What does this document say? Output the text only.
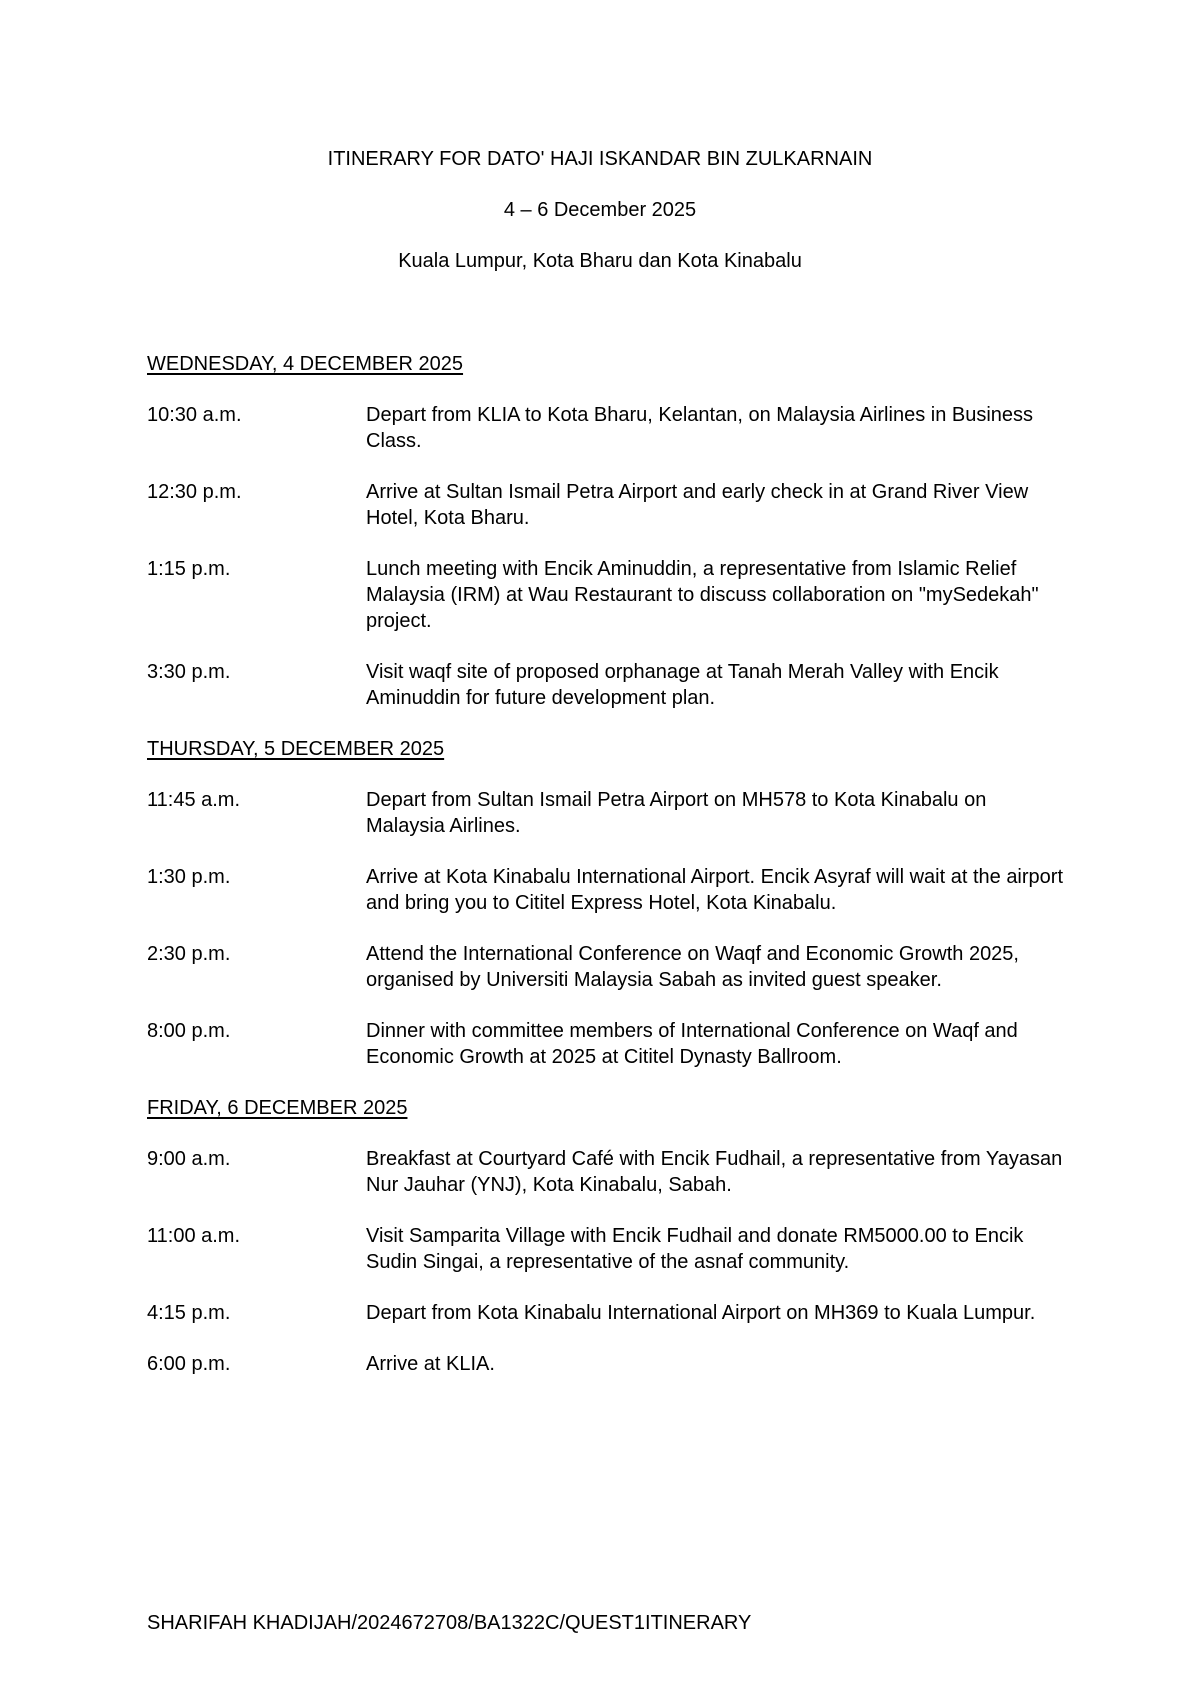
ITINERARY FOR DATO' HAJI ISKANDAR BIN ZULKARNAIN
4 – 6 December 2025
Kuala Lumpur, Kota Bharu dan Kota Kinabalu
WEDNESDAY, 4 DECEMBER 2025
10:30 a.m.	Depart from KLIA to Kota Bharu, Kelantan, on Malaysia Airlines in Business Class.
12:30 p.m.	Arrive at Sultan Ismail Petra Airport and early check in at Grand River View Hotel, Kota Bharu.
1:15 p.m.	Lunch meeting with Encik Aminuddin, a representative from Islamic Relief Malaysia (IRM) at Wau Restaurant to discuss collaboration on "mySedekah" project.
3:30 p.m.	Visit waqf site of proposed orphanage at Tanah Merah Valley with Encik Aminuddin for future development plan.
THURSDAY, 5 DECEMBER 2025
11:45 a.m.	Depart from Sultan Ismail Petra Airport on MH578 to Kota Kinabalu on Malaysia Airlines.
1:30 p.m.	Arrive at Kota Kinabalu International Airport. Encik Asyraf will wait at the airport and bring you to Cititel Express Hotel, Kota Kinabalu.
2:30 p.m.	Attend the International Conference on Waqf and Economic Growth 2025, organised by Universiti Malaysia Sabah as invited guest speaker.
8:00 p.m.	Dinner with committee members of International Conference on Waqf and Economic Growth at 2025 at Cititel Dynasty Ballroom.
FRIDAY, 6 DECEMBER 2025
9:00 a.m.	Breakfast at Courtyard Café with Encik Fudhail, a representative from Yayasan Nur Jauhar (YNJ), Kota Kinabalu, Sabah.
11:00 a.m.	Visit Samparita Village with Encik Fudhail and donate RM5000.00 to Encik Sudin Singai, a representative of the asnaf community.
4:15 p.m.	Depart from Kota Kinabalu International Airport on MH369 to Kuala Lumpur.
6:00 p.m.	Arrive at KLIA.
SHARIFAH KHADIJAH/2024672708/BA1322C/QUEST1ITINERARY
